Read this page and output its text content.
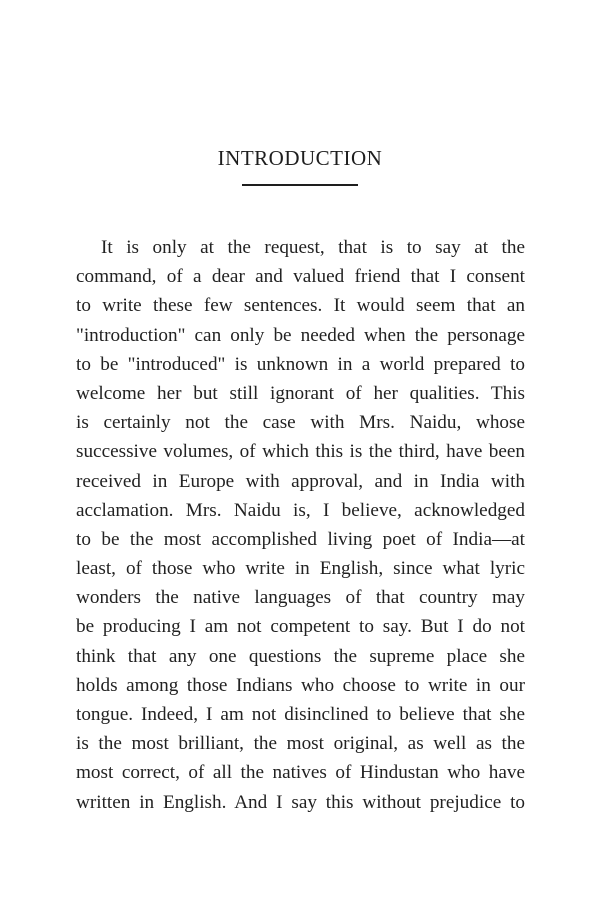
INTRODUCTION
It is only at the request, that is to say at the
command, of a dear and valued friend that I consent
to write these few sentences. It would seem that an
"introduction" can only be needed when the personage
to be "introduced" is unknown in a world prepared to
welcome her but still ignorant of her qualities. This
is certainly not the case with Mrs. Naidu, whose
successive volumes, of which this is the third, have been
received in Europe with approval, and in India with
acclamation. Mrs. Naidu is, I believe, acknowledged
to be the most accomplished living poet of India—at
least, of those who write in English, since what lyric
wonders the native languages of that country may
be producing I am not competent to say. But I do not
think that any one questions the supreme place she
holds among those Indians who choose to write in our
tongue. Indeed, I am not disinclined to believe that she
is the most brilliant, the most original, as well as the
most correct, of all the natives of Hindustan who have
written in English. And I say this without prejudice to
